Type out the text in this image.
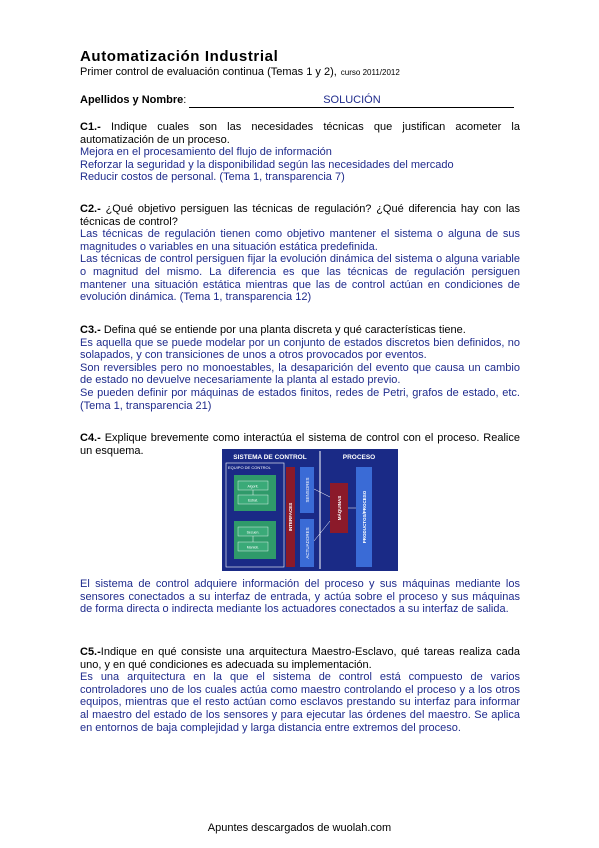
Automatización Industrial
Primer control de evaluación continua (Temas 1 y 2), curso 2011/2012
Apellidos y Nombre:	SOLUCIÓN
C1.- Indique cuales son las necesidades técnicas que justifican acometer la automatización de un proceso.

Mejora en el procesamiento del flujo de información

Reforzar la seguridad y la disponibilidad según las necesidades del mercado

Reducir costos de personal. (Tema 1, transparencia 7)

C2.- ¿Qué objetivo persiguen las técnicas de regulación? ¿Qué diferencia hay con las técnicas de control?

Las técnicas de regulación tienen como objetivo mantener el sistema o alguna de sus magnitudes o variables en una situación estática predefinida.

Las técnicas de control persiguen fijar la evolución dinámica del sistema o alguna variable o magnitud del mismo. La diferencia es que las técnicas de regulación persiguen mantener una situación estática mientras que las de control actúan en condiciones de evolución dinámica. (Tema 1, transparencia 12)

C3.- Defina qué se entiende por una planta discreta y qué características tiene.

Es aquella que se puede modelar por un conjunto de estados discretos bien definidos, no solapados, y con transiciones de unos a otros provocados por eventos.

Son reversibles pero no monoestables, la desaparición del evento que causa un cambio de estado no devuelve necesariamente la planta al estado previo.

Se pueden definir por máquinas de estados finitos, redes de Petri, grafos de estado, etc. (Tema 1, transparencia 21)

C4.- Explique brevemente como interactúa el sistema de control con el proceso. Realice un esquema.
SISTEMA DE CONTROL	PROCESO
EQUIPO DE CONTROL
Algorit.
Estrat.
Secuen.
Maniob.
INTERFACES
SENSORES
ACTUADORES
MÁQUINAS	PRODUCTOS/PROCESO

El sistema de control adquiere información del proceso y sus máquinas mediante los sensores conectados a su interfaz de entrada, y actúa sobre el proceso y sus máquinas de forma directa o indirecta mediante los actuadores conectados a su interfaz de salida.

C5.-Indique en qué consiste una arquitectura Maestro-Esclavo, qué tareas realiza cada uno, y en qué condiciones es adecuada su implementación.

Es una arquitectura en la que el sistema de control está compuesto de varios controladores uno de los cuales actúa como maestro controlando el proceso y a los otros equipos, mientras que el resto actúan como esclavos prestando su interfaz para informar al maestro del estado de los sensores y para ejecutar las órdenes del maestro. Se aplica en entornos de baja complejidad y larga distancia entre extremos del proceso.

Apuntes descargados de wuolah.com
